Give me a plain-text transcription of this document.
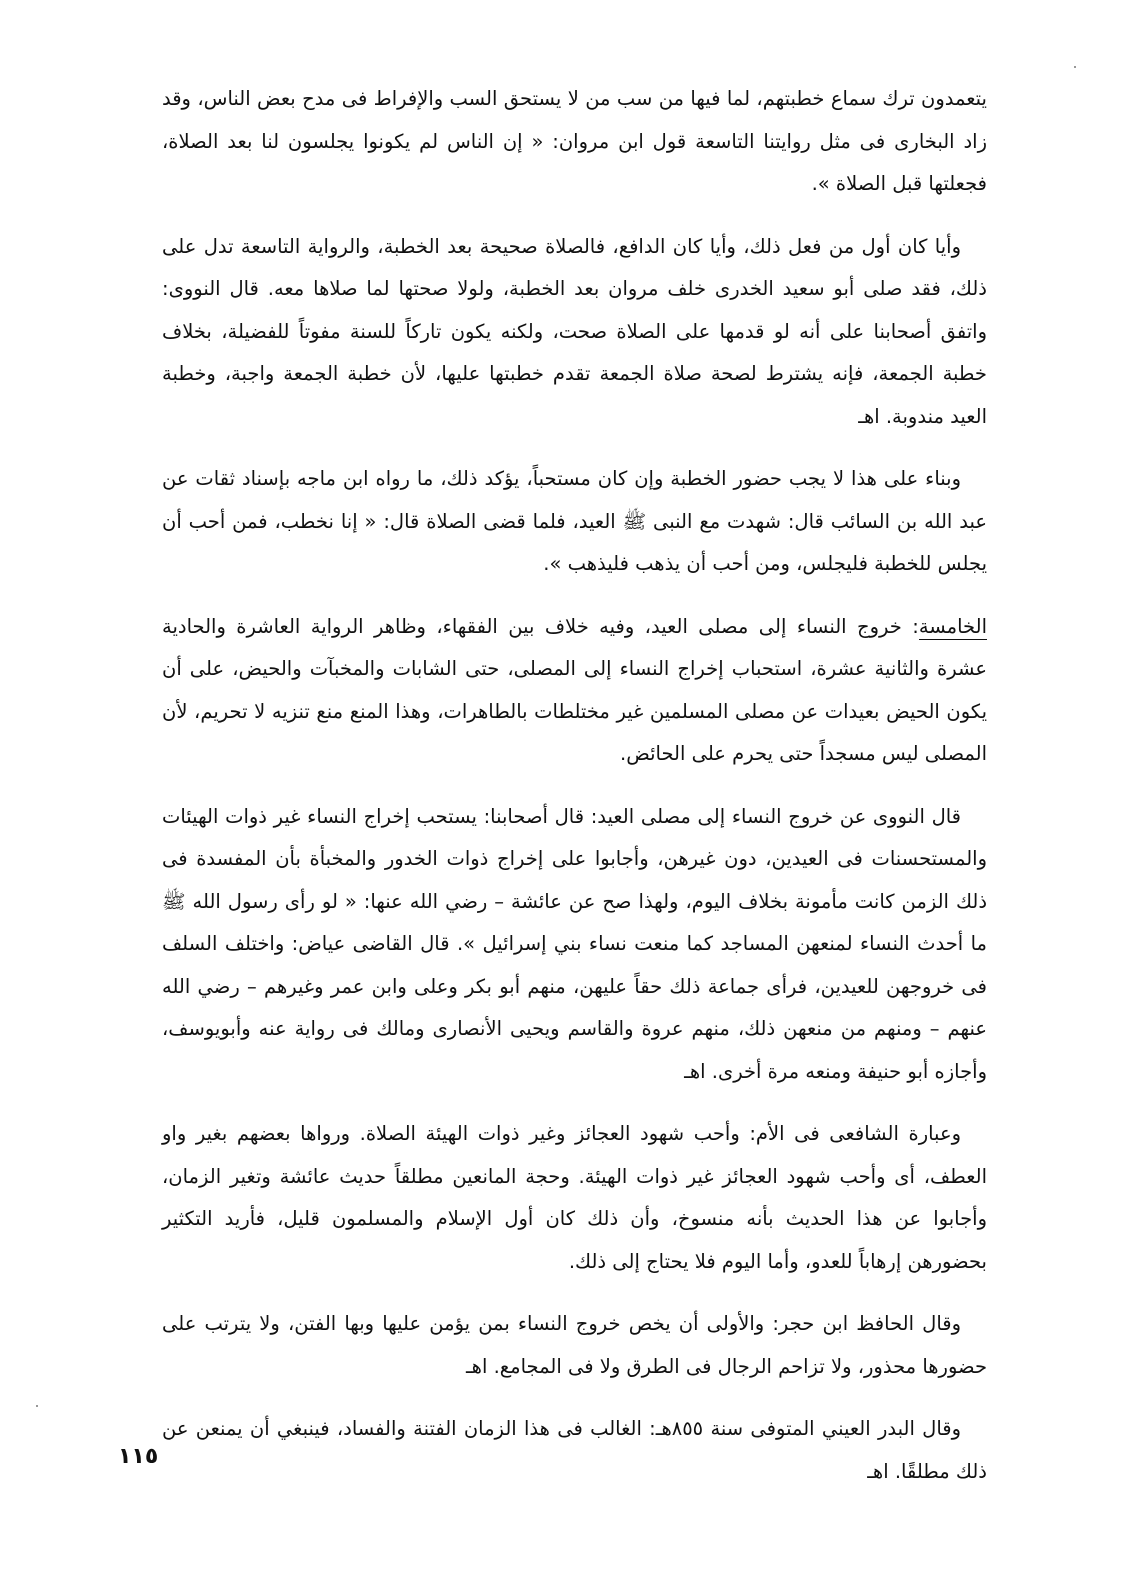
يتعمدون ترك سماع خطبتهم، لما فيها من سب من لا يستحق السب والإفراط فى مدح بعض الناس، وقد زاد البخارى فى مثل روايتنا التاسعة قول ابن مروان: « إن الناس لم يكونوا يجلسون لنا بعد الصلاة، فجعلتها قبل الصلاة ».

وأيا كان أول من فعل ذلك، وأيا كان الدافع، فالصلاة صحيحة بعد الخطبة، والرواية التاسعة تدل على ذلك، فقد صلى أبو سعيد الخدرى خلف مروان بعد الخطبة، ولولا صحتها لما صلاها معه. قال النووى: واتفق أصحابنا على أنه لو قدمها على الصلاة صحت، ولكنه يكون تاركاً للسنة مفوتاً للفضيلة، بخلاف خطبة الجمعة، فإنه يشترط لصحة صلاة الجمعة تقدم خطبتها عليها، لأن خطبة الجمعة واجبة، وخطبة العيد مندوبة. اهـ

وبناء على هذا لا يجب حضور الخطبة وإن كان مستحباً، يؤكد ذلك، ما رواه ابن ماجه بإسناد ثقات عن عبد الله بن السائب قال: شهدت مع النبى ﷺ العيد، فلما قضى الصلاة قال: « إنا نخطب، فمن أحب أن يجلس للخطبة فليجلس، ومن أحب أن يذهب فليذهب ».

الخامسة: خروج النساء إلى مصلى العيد، وفيه خلاف بين الفقهاء، وظاهر الرواية العاشرة والحادية عشرة والثانية عشرة، استحباب إخراج النساء إلى المصلى، حتى الشابات والمخبآت والحيض، على أن يكون الحيض بعيدات عن مصلى المسلمين غير مختلطات بالطاهرات، وهذا المنع منع تنزيه لا تحريم، لأن المصلى ليس مسجداً حتى يحرم على الحائض.

قال النووى عن خروج النساء إلى مصلى العيد: قال أصحابنا: يستحب إخراج النساء غير ذوات الهيئات والمستحسنات فى العيدين، دون غيرهن، وأجابوا على إخراج ذوات الخدور والمخبأة بأن المفسدة فى ذلك الزمن كانت مأمونة بخلاف اليوم، ولهذا صح عن عائشة – رضي الله عنها: « لو رأى رسول الله ﷺ ما أحدث النساء لمنعهن المساجد كما منعت نساء بني إسرائيل ». قال القاضى عياض: واختلف السلف فى خروجهن للعيدين، فرأى جماعة ذلك حقاً عليهن، منهم أبو بكر وعلى وابن عمر وغيرهم – رضي الله عنهم – ومنهم من منعهن ذلك، منهم عروة والقاسم ويحيى الأنصارى ومالك فى رواية عنه وأبويوسف، وأجازه أبو حنيفة ومنعه مرة أخرى. اهـ

وعبارة الشافعى فى الأم: وأحب شهود العجائز وغير ذوات الهيئة الصلاة. ورواها بعضهم بغير واو العطف، أى وأحب شهود العجائز غير ذوات الهيئة. وحجة المانعين مطلقاً حديث عائشة وتغير الزمان، وأجابوا عن هذا الحديث بأنه منسوخ، وأن ذلك كان أول الإسلام والمسلمون قليل، فأريد التكثير بحضورهن إرهاباً للعدو، وأما اليوم فلا يحتاج إلى ذلك.

وقال الحافظ ابن حجر: والأولى أن يخص خروج النساء بمن يؤمن عليها وبها الفتن، ولا يترتب على حضورها محذور، ولا تزاحم الرجال فى الطرق ولا فى المجامع. اهـ

وقال البدر العيني المتوفى سنة ٨٥٥هـ: الغالب فى هذا الزمان الفتنة والفساد، فينبغي أن يمنعن عن ذلك مطلقًا. اهـ

١١٥
